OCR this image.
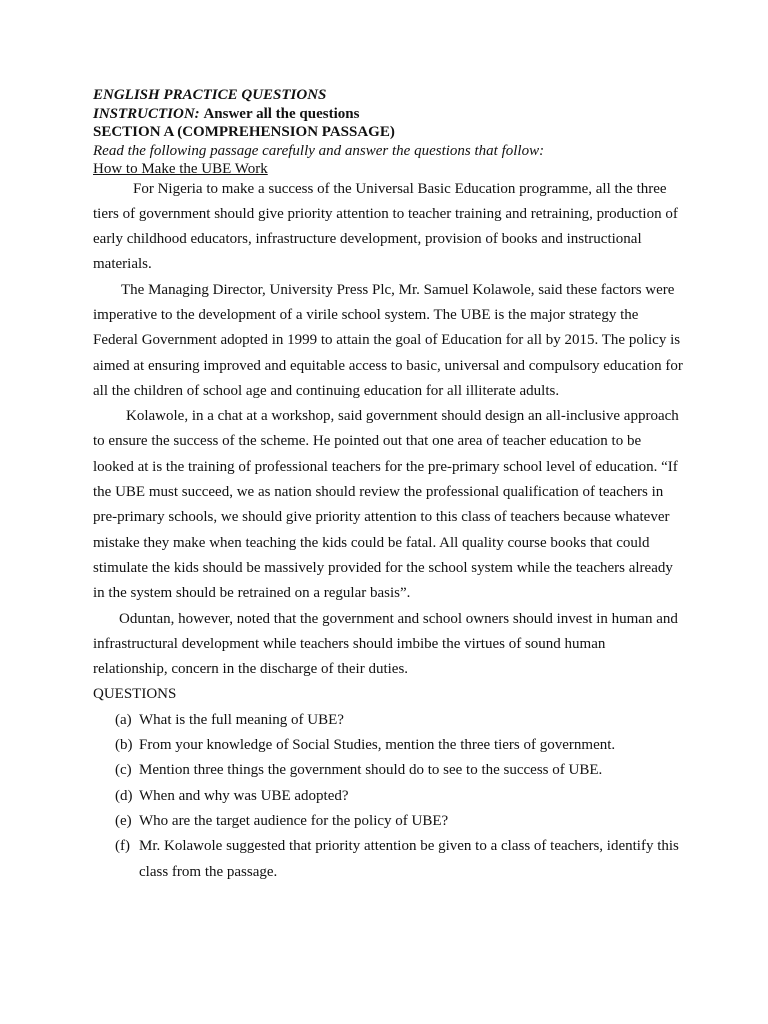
ENGLISH PRACTICE QUESTIONS
INSTRUCTION: Answer all the questions
SECTION A (COMPREHENSION PASSAGE)
Read the following passage carefully and answer the questions that follow:
How to Make the UBE Work

For Nigeria to make a success of the Universal Basic Education programme, all the three tiers of government should give priority attention to teacher training and retraining, production of early childhood educators, infrastructure development, provision of books and instructional materials.

The Managing Director, University Press Plc, Mr. Samuel Kolawole, said these factors were imperative to the development of a virile school system. The UBE is the major strategy the Federal Government adopted in 1999 to attain the goal of Education for all by 2015. The policy is aimed at ensuring improved and equitable access to basic, universal and compulsory education for all the children of school age and continuing education for all illiterate adults.

Kolawole, in a chat at a workshop, said government should design an all-inclusive approach to ensure the success of the scheme. He pointed out that one area of teacher education to be looked at is the training of professional teachers for the pre-primary school level of education. “If the UBE must succeed, we as nation should review the professional qualification of teachers in pre-primary schools, we should give priority attention to this class of teachers because whatever mistake they make when teaching the kids could be fatal. All quality course books that could stimulate the kids should be massively provided for the school system while the teachers already in the system should be retrained on a regular basis”.

Oduntan, however, noted that the government and school owners should invest in human and infrastructural development while teachers should imbibe the virtues of sound human relationship, concern in the discharge of their duties.

QUESTIONS
(a) What is the full meaning of UBE?
(b) From your knowledge of Social Studies, mention the three tiers of government.
(c) Mention three things the government should do to see to the success of UBE.
(d) When and why was UBE adopted?
(e) Who are the target audience for the policy of UBE?
(f) Mr. Kolawole suggested that priority attention be given to a class of teachers, identify this class from the passage.
